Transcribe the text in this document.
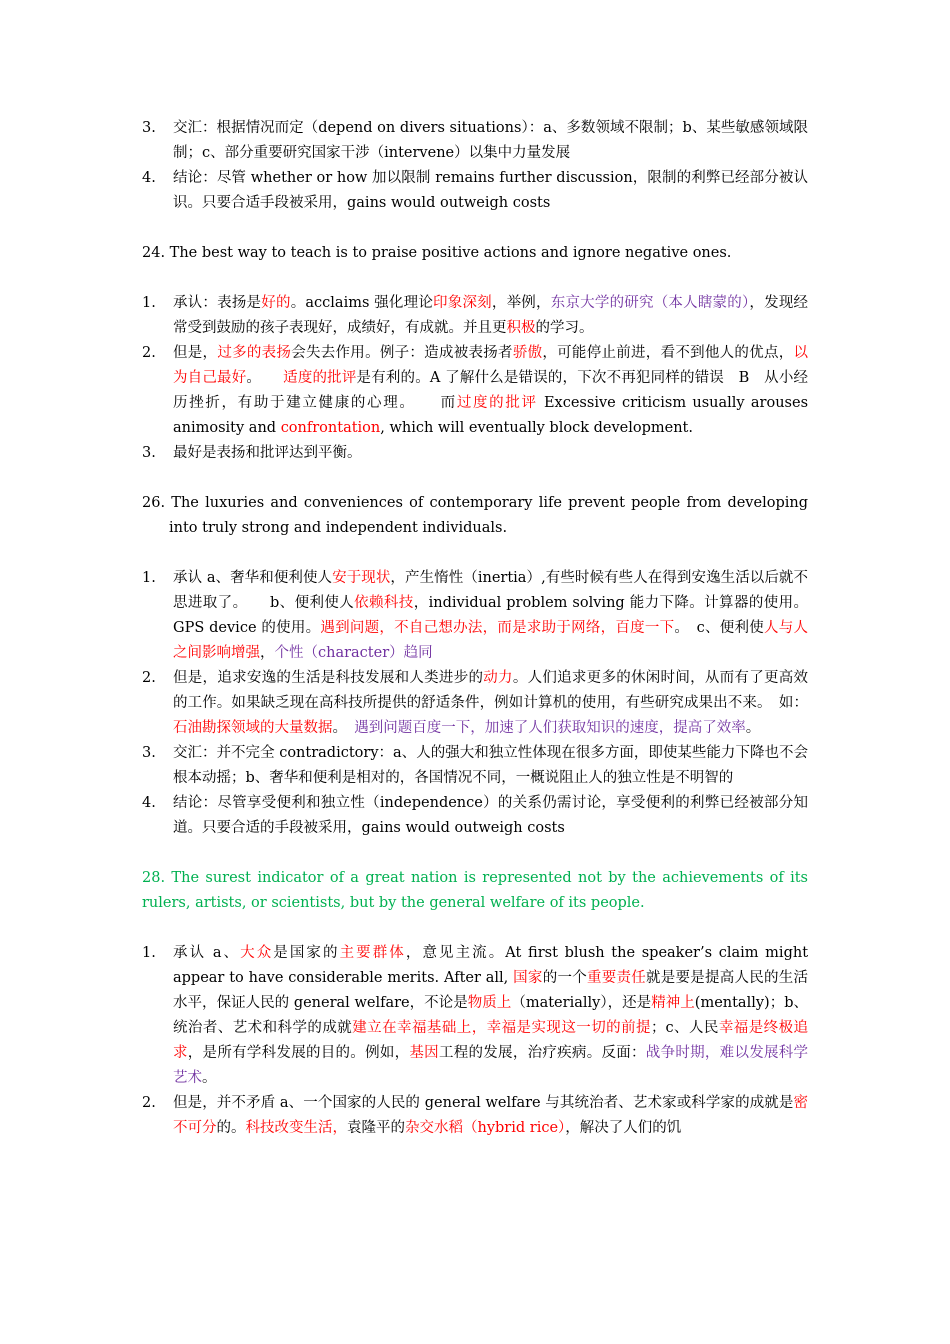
3. 交汇：根据情况而定（depend on divers situations）：a、多数领域不限制；b、某些敏感领域限制；c、部分重要研究国家干涉（intervene）以集中力量发展
4. 结论：尽管 whether or how 加以限制 remains further discussion，限制的利弊已经部分被认识。只要合适手段被采用，gains would outweigh costs
24. The best way to teach is to praise positive actions and ignore negative ones.
1. 承认：表扬是好的。acclaims 强化理论印象深刻，举例，东京大学的研究（本人瞎蒙的），发现经常受到鼓励的孩子表现好，成绩好，有成就。并且更积极的学习。
2. 但是，过多的表扬会失去作用。例子：造成被表扬者骄傲，可能停止前进，看不到他人的优点，以为自己最好。　　适度的批评是有利的。A 了解什么是错误的，下次不再犯同样的错误　B　从小经历挫折，有助于建立健康的心理。　　而过度的批评 Excessive criticism usually arouses animosity and confrontation, which will eventually block development.
3. 最好是表扬和批评达到平衡。
26. The luxuries and conveniences of contemporary life prevent people from developing into truly strong and independent individuals.
1. 承认 a、奢华和便利使人安于现状，产生惰性（inertia）,有些时候有些人在得到安逸生活以后就不思进取了。　　b、便利使人依赖科技，individual problem solving 能力下降。计算器的使用。GPS device 的使用。遇到问题，不自己想办法，而是求助于网络，百度一下。　c、便利使人与人之间影响增强，个性（character）趋同
2. 但是，追求安逸的生活是科技发展和人类进步的动力。人们追求更多的休闲时间，从而有了更高效的工作。如果缺乏现在高科技所提供的舒适条件，例如计算机的使用，有些研究成果出不来。　如：石油勘探领域的大量数据。　遇到问题百度一下，加速了人们获取知识的速度，提高了效率。
3. 交汇：并不完全 contradictory：a、人的强大和独立性体现在很多方面，即使某些能力下降也不会根本动摇；b、奢华和便利是相对的，各国情况不同，一概说阻止人的独立性是不明智的
4. 结论：尽管享受便利和独立性（independence）的关系仍需讨论，享受便利的利弊已经被部分知道。只要合适的手段被采用，gains would outweigh costs
28. The surest indicator of a great nation is represented not by the achievements of its rulers, artists, or scientists, but by the general welfare of its people.
1. 承认 a、大众是国家的主要群体，意见主流。At first blush the speaker’s claim might appear to have considerable merits. After all, 国家的一个重要责任就是要是提高人民的生活水平，保证人民的 general welfare，不论是物质上（materially），还是精神上(mentally)；b、统治者、艺术和科学的成就建立在幸福基础上，幸福是实现这一切的前提；c、人民幸福是终极追求，是所有学科发展的目的。例如，基因工程的发展，治疗疾病。反面：战争时期，难以发展科学艺术。
2. 但是，并不矛盾 a、一个国家的人民的 general welfare 与其统治者、艺术家或科学家的成就是密不可分的。科技改变生活，袁隆平的杂交水稻（hybrid rice），解决了人们的饥
